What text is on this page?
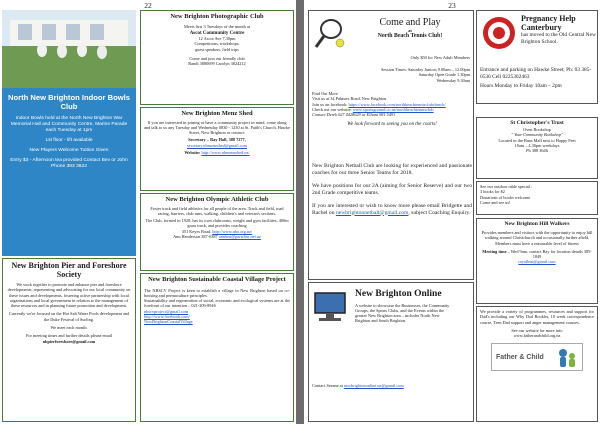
22
North New Brighton Indoor Bowls Club
Indoor Bowls held at the North New Brighton War Memorial Hall and Community Centre, Marine Parade each Tuesday at 1pm
1st floor - lift available
New Players Welcome Tuition Given
Entry $3 - Afternoon tea provided Contact Bev or John Phone 383 3622
New Brighton Pier and Foreshore Society
We work together to promote and enhance pier and foreshore developments, representing and advocating for our local community on these issues and developments, fostering active partnership with local organisations and local government in relation to the management of these resources and in planning future promotion and development.
Currently we're focused on the Hot Salt Water Pools development and the Duke Festival of Surfing.
We meet each month.
For meeting times and further details please email
nbpierforeshore@gmail.com
New Brighton Photographic Club
Meets first 3 Tuesdays of the month at
Ascot Community Centre
12 Ascot Ave 7.30pm
Competitions, workshops,
guest speakers, field trips
Come and join our friendly club
Randi 3880699 Carolyn 3824212
New Brighton Menz Shed
If you are interested in joining or have a community project in mind, come along and talk to us any Tuesday and Wednesday 0830 - 1230 at St. Faith's Church, Hawke Street, New Brighton or contact:
Secretary – Ray Hall, 388 7277,
secretary.nbmenzshed@gmail.com
Website: http://www.nbmenzshed.nz/
New Brighton Olympic Athletic Club
Foster track and field athletics for all people of the area. Track and field, road racing, harriers, club runs, walking, children's and veteran's sections.
The Club, formed in 1928, has its own clubrooms, weight and gym facilities, 400m grass track, and provides coaching
351 Keyes Road. http://www.nbo.org.nz/
Ann Henderson 387-0387 annhen@paradise.net.nz
New Brighton Sustainable Coastal Village Project
The NBSCV Project is keen to establish a village in New Brighton based on co-housing and permaculture principles.
Sustainability and regeneration of social, economic and ecological systems are at the forefront of our intention – 021-209-8946
nbscvproject@gmail.com
http://www.facebook.com/
NewBrightonCoastalVillage
23
Come and Play
at
North Beach Tennis Club!
Only $50 for New Adult Members
Session Times: Saturday Juniors 9.00am – 12.00pm
Saturday Open Grade 1.30pm
Wednesday 9.30am
Find Out More
Visit us at 34 Palmers Road, New Brighton
Join us on facebook: https://www.facebook.com/northbeachtennisclubchurch/
Check out our website: www.sportsground.co.nz/northbeachtennisclub
Contact Derek 027 4428629 or Elhani 981 5491
We look forward to seeing you on the courts!
New Brighton Netball Club are looking for experienced and passionate coaches for our three Senior Teams for 2018.
We have positions for our 2A (aiming for Senior Reserve) and our two 2nd Grade competitive teams.
If you are interested or wish to know more please email Bridgette and Rachel on newbrightonnetball@gmail.com, subject Coaching Enquiry.
New Brighton Online
A website to showcase the Businesses, the Community Groups, the Sports Clubs, and the Events within the greater New Brighton area – includes North New Brighton and South Brighton.
Contact Seeane at newbrightononline.nz@gmail.com
Pregnancy Help Canterbury
has moved to the Old Central New Brighton School.
Entrance and parking on Hawke Street, Ph: 03 385-0536 Cell 0225302463
Hours Monday to Friday 10am – 2pm
St Christopher's Trust
Oven Bookshop
" Your Community Bookshop"
Located in the Burn Mall next to Happy Feet
10am – 4.30pm weekdays
Ph 388 3646
See our outdoor table special :
3 books for $2
Donations of books welcome
Come and see us!
New Brighton Hill Walkers
Provides members and visitors with the opportunity to enjoy hill walking around Christchurch and occasionally further afield. Members must have a reasonable level of fitness
Meeting time – Wed 9am, contact Ray for location details 385-1849
rayalleni@gmail.com
We provide a variety of programmes, resources and support for Dad's including our Why Dad Booklet, 10 week correspondence course, Teen Dad support and anger management courses.
See our website for more info
www.fatherandchild.org.nz
Father & Child
